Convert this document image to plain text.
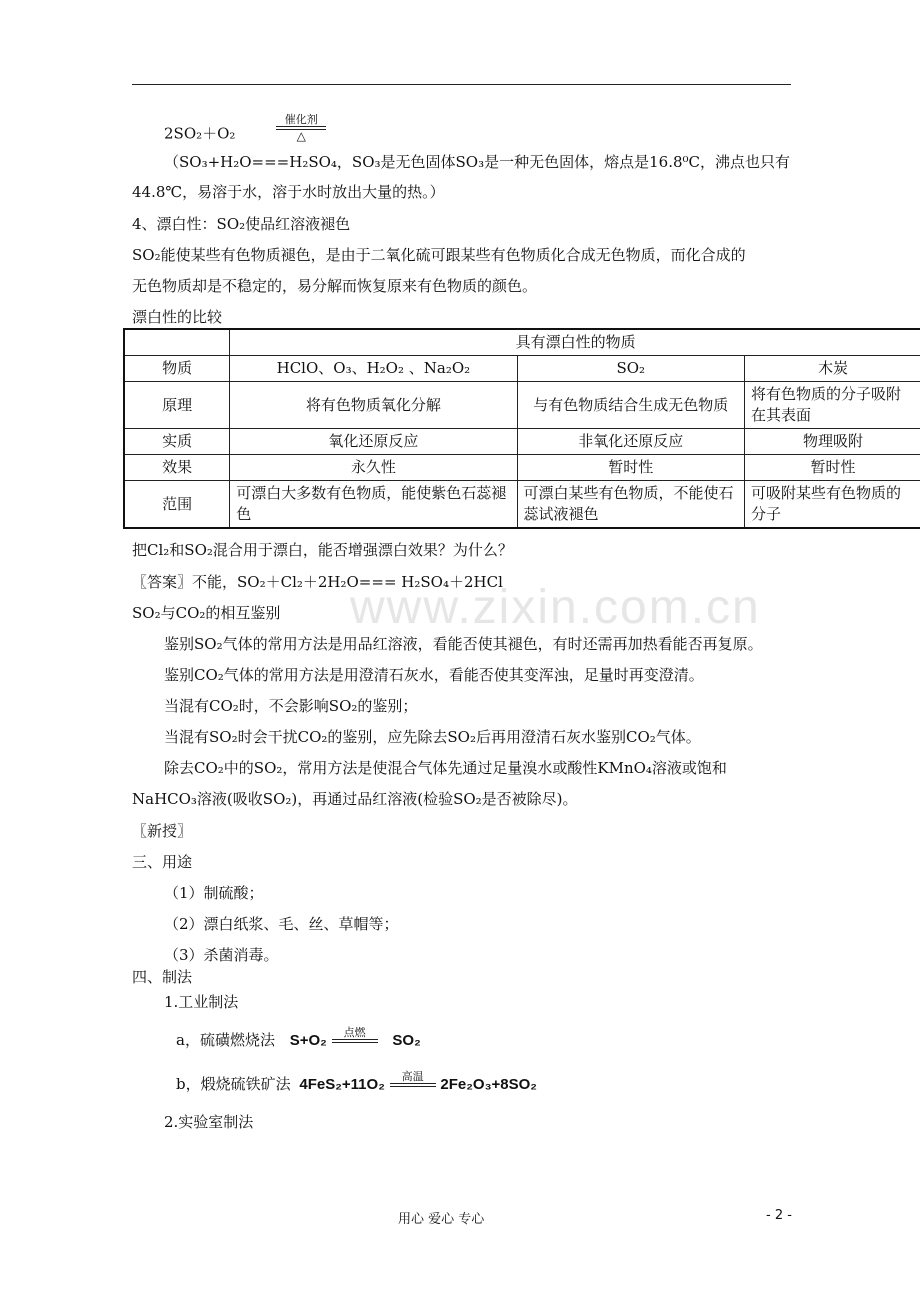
www.zixin.com.cn
2SO₂＋O₂
催化剂
△
（SO₃+H₂O===H₂SO₄，SO₃是无色固体SO₃是一种无色固体，熔点是16.8⁰C，沸点也只有
44.8℃，易溶于水，溶于水时放出大量的热。）
4、漂白性：SO₂使品红溶液褪色
SO₂能使某些有色物质褪色，是由于二氧化硫可跟某些有色物质化合成无色物质，而化合成的
无色物质却是不稳定的，易分解而恢复原来有色物质的颜色。
漂白性的比较
	具有漂白性的物质		
物质	HClO、O₃、H₂O₂ 、Na₂O₂	SO₂	木炭
原理	将有色物质氧化分解	与有色物质结合生成无色物质	将有色物质的分子吸附在其表面
实质	氧化还原反应	非氧化还原反应	物理吸附
效果	永久性	暂时性	暂时性
范围	可漂白大多数有色物质，能使紫色石蕊褪色	可漂白某些有色物质，不能使石蕊试液褪色	可吸附某些有色物质的分子
把Cl₂和SO₂混合用于漂白，能否增强漂白效果？为什么？
〖答案〗不能，SO₂＋Cl₂＋2H₂O=== H₂SO₄＋2HCl
SO₂与CO₂的相互鉴别
鉴别SO₂气体的常用方法是用品红溶液，看能否使其褪色，有时还需再加热看能否再复原。
鉴别CO₂气体的常用方法是用澄清石灰水，看能否使其变浑浊，足量时再变澄清。
当混有CO₂时，不会影响SO₂的鉴别；
当混有SO₂时会干扰CO₂的鉴别，应先除去SO₂后再用澄清石灰水鉴别CO₂气体。
除去CO₂中的SO₂，常用方法是使混合气体先通过足量溴水或酸性KMnO₄溶液或饱和
NaHCO₃溶液(吸收SO₂)，再通过品红溶液(检验SO₂是否被除尽)。
〖新授〗
三、用途
（1）制硫酸；
（2）漂白纸浆、毛、丝、草帽等；
（3）杀菌消毒。
四、制法
1.工业制法
a，硫磺燃烧法 S+O₂	点燃	SO₂
b，煅烧硫铁矿法 4FeS₂+11O₂	高温	2Fe₂O₃+8SO₂
2.实验室制法
用心 爱心 专心	- 2 -
